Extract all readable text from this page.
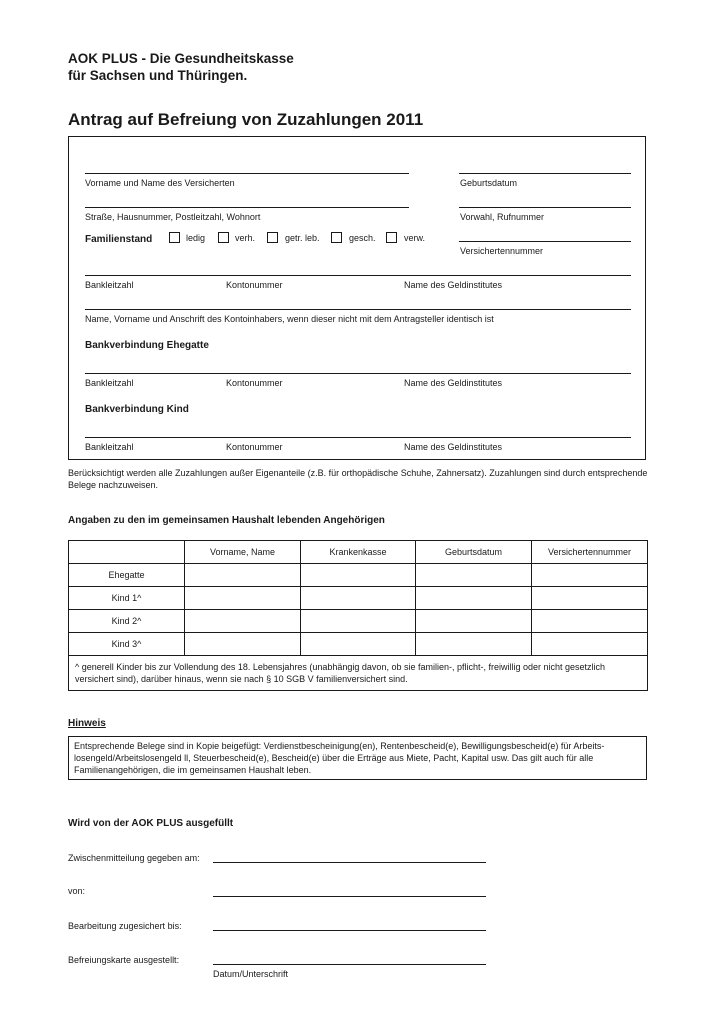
AOK PLUS - Die Gesundheitskasse
für Sachsen und Thüringen.
Antrag auf Befreiung von Zuzahlungen 2011
Vorname und Name des Versicherten	Geburtsdatum
Straße, Hausnummer, Postleitzahl, Wohnort	Vorwahl, Rufnummer
Familienstand	ledig	verh.	getr. leb.	gesch.	verw.
Versichertennummer
Bankleitzahl	Kontonummer	Name des Geldinstitutes
Name, Vorname und Anschrift des Kontoinhabers, wenn dieser nicht mit dem Antragsteller identisch ist
Bankverbindung Ehegatte
Bankleitzahl	Kontonummer	Name des Geldinstitutes
Bankverbindung Kind
Bankleitzahl	Kontonummer	Name des Geldinstitutes
Berücksichtigt werden alle Zuzahlungen außer Eigenanteile (z.B. für orthopädische Schuhe, Zahnersatz). Zuzahlungen sind durch entsprechende Belege nachzuweisen.
Angaben zu den im gemeinsamen Haushalt lebenden Angehörigen
	Vorname, Name	Krankenkasse	Geburtsdatum	Versichertennummer
Ehegatte				
Kind 1^				
Kind 2^				
Kind 3^				
^ generell Kinder bis zur Vollendung des 18. Lebensjahres (unabhängig davon, ob sie familien-, pflicht-, freiwillig oder nicht gesetzlich versichert sind), darüber hinaus, wenn sie nach § 10 SGB V familienversichert sind.				
Hinweis
Entsprechende Belege sind in Kopie beigefügt: Verdienstbescheinigung(en), Rentenbescheid(e), Bewilligungsbescheid(e) für Arbeits-losengeld/Arbeitslosengeld ll, Steuerbescheid(e), Bescheid(e) über die Erträge aus Miete, Pacht, Kapital usw. Das gilt auch für alle Familienangehörigen, die im gemeinsamen Haushalt leben.
Wird von der AOK PLUS ausgefüllt
Zwischenmitteilung gegeben am:
von:
Bearbeitung zugesichert bis:
Befreiungskarte ausgestellt:
Datum/Unterschrift
